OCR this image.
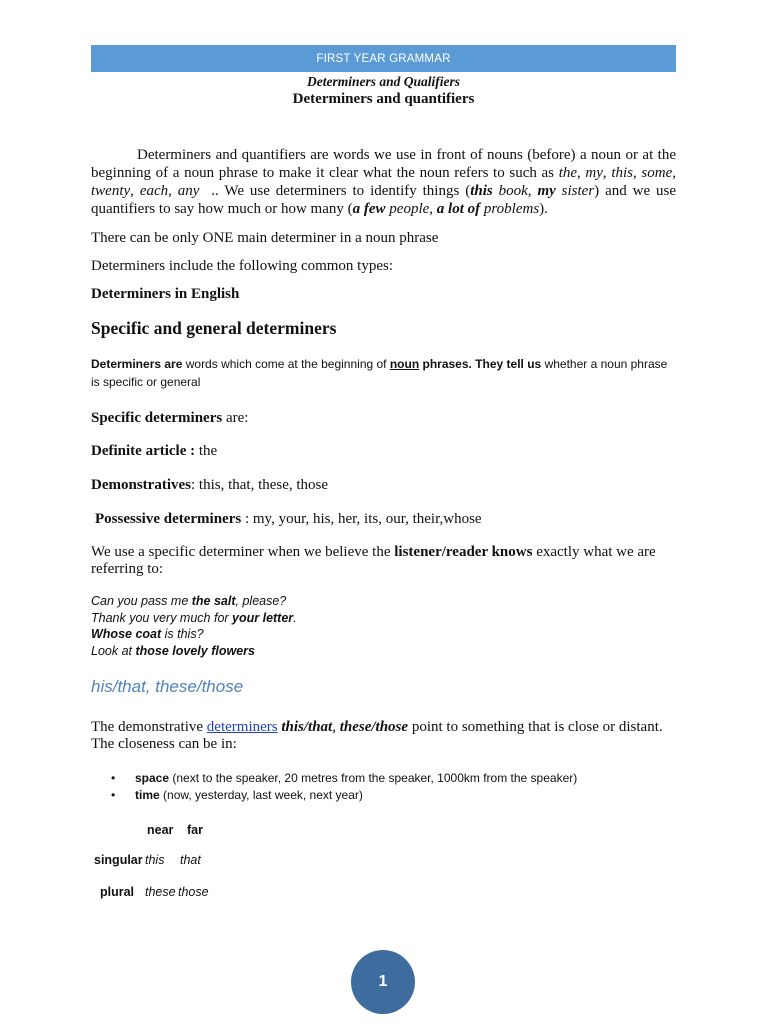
FIRST YEAR GRAMMAR
Determiners and Qualifiers
Determiners and quantifiers
Determiners and quantifiers are words we use in front of nouns (before) a noun or at the beginning of a noun phrase to make it clear what the noun refers to such as the, my, this, some, twenty, each, any  .. We use determiners to identify things (this book, my sister) and we use quantifiers to say how much or how many (a few people, a lot of problems).
There can be only ONE main determiner in a noun phrase
Determiners include the following common types:
Determiners in English
Specific and general determiners
Determiners are words which come at the beginning of noun phrases. They tell us whether a noun phrase is specific or general
Specific determiners are:
Definite article : the
Demonstratives: this, that, these, those
Possessive determiners : my, your, his, her, its, our, their,whose
We use a specific determiner when we believe the listener/reader knows exactly what we are referring to:
Can you pass me the salt, please?
Thank you very much for your letter.
Whose coat is this?
Look at those lovely flowers
his/that, these/those
The demonstrative determiners this/that, these/those point to something that is close or distant. The closeness can be in:
• space (next to the speaker, 20 metres from the speaker, 1000km from the speaker)
• time (now, yesterday, last week, next year)
near far
singular this that
plural these those
1
